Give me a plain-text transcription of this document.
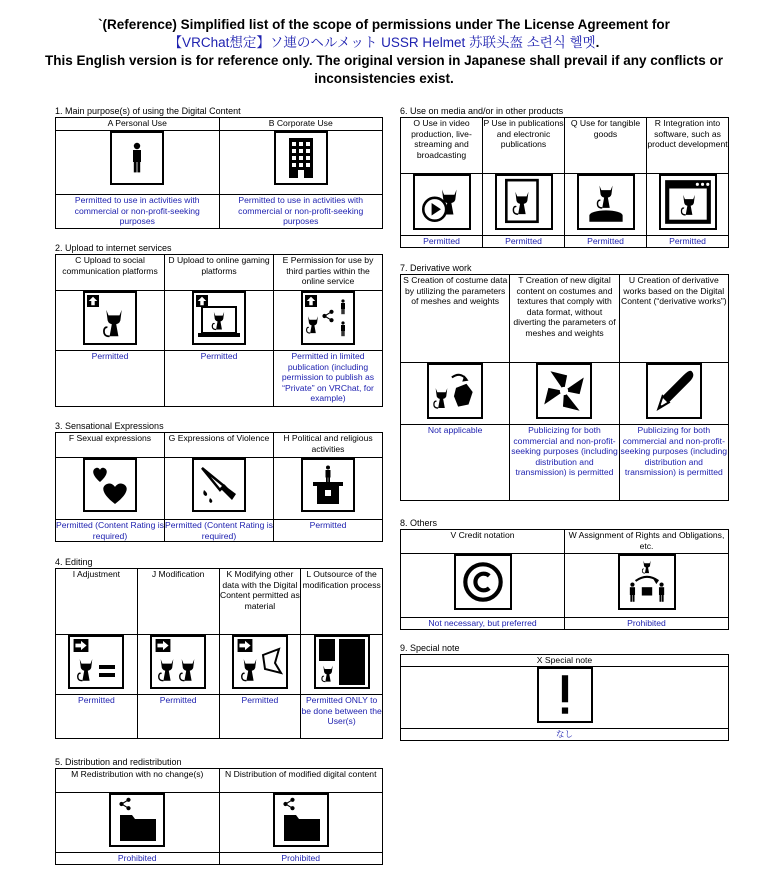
`(Reference) Simplified list of the scope of permissions under The License Agreement for
【VRChat想定】ソ連のヘルメット USSR Helmet 苏联头盔 소련식 헬멧.
This English version is for reference only. The original version in Japanese shall prevail if any conflicts or inconsistencies exist.
1. Main purpose(s) of using the Digital Content
A Personal Use	B Corporate Use

Permitted to use in activities with commercial or non-profit-seeking purposes	Permitted to use in activities with commercial or non-profit-seeking purposes
2. Upload to internet services
C Upload to social communication platforms	D Upload to online gaming platforms	E Permission for use by third parties within the online service

Permitted	Permitted	Permitted in limited publication (including permission to publish as “Private” on VRChat, for example)
3. Sensational Expressions
F Sexual expressions	G Expressions of Violence	H Political and religious activities

Permitted (Content Rating is required)	Permitted (Content Rating is required)	Permitted
4. Editing
I Adjustment	J Modification	K Modifying other data with the Digital Content permitted as material	L Outsource of the modification process

Permitted	Permitted	Permitted	Permitted ONLY to be done between the User(s)
5. Distribution and redistribution
M Redistribution with no change(s)	N Distribution of modified digital content

Prohibited	Prohibited
6. Use on media and/or in other products
O Use in video production, live-streaming and broadcasting	P Use in publications and electronic publications	Q Use for tangible goods	R Integration into software, such as product development

Permitted	Permitted	Permitted	Permitted
7. Derivative work
S Creation of costume data by utilizing the parameters of meshes and weights	T Creation of new digital content on costumes and textures that comply with data format, without diverting the parameters of meshes and weights	U Creation of derivative works based on the Digital Content (“derivative works”)

Not applicable	Publicizing for both commercial and non-profit-seeking purposes (including distribution and transmission) is permitted	Publicizing for both commercial and non-profit-seeking purposes (including distribution and transmission) is permitted
8. Others
V Credit notation	W Assignment of Rights and Obligations, etc.

Not necessary, but preferred	Prohibited
9. Special note
X Special note

なし
